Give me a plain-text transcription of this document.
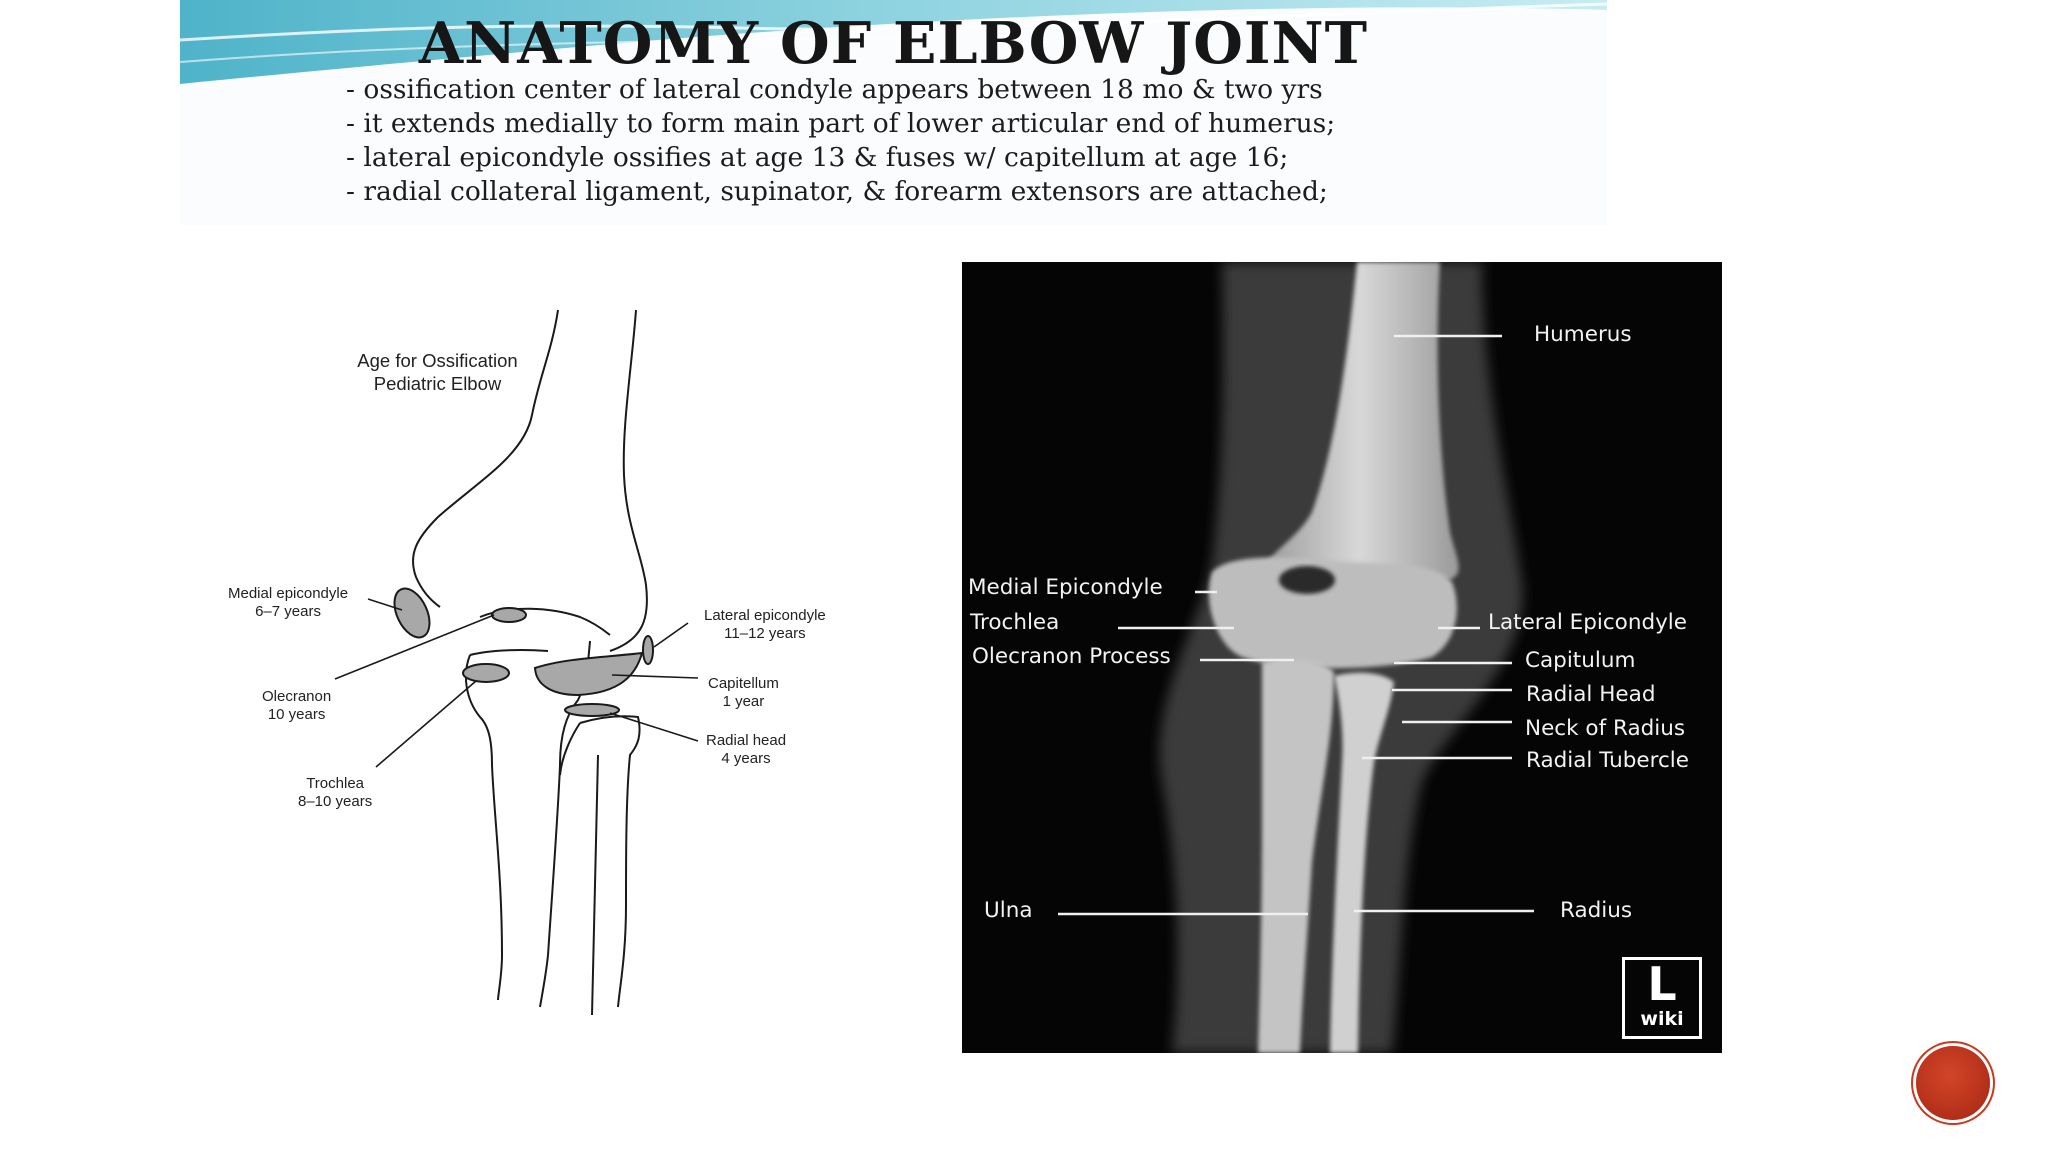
ANATOMY OF ELBOW JOINT
- ossification center of lateral condyle appears between 18 mo & two yrs
- it extends medially to form main part of lower articular end of humerus;
- lateral epicondyle ossifies at age 13 & fuses w/ capitellum at age 16;
- radial collateral ligament, supinator, & forearm extensors are attached;
Age for Ossification
Pediatric Elbow
Medial epicondyle
6–7 years
Olecranon
10 years
Trochlea
8–10 years
Lateral epicondyle
11–12 years
Capitellum
1 year
Radial head
4 years
Humerus
Medial Epicondyle
Trochlea
Olecranon Process
Lateral Epicondyle
Capitulum
Radial Head
Neck of Radius
Radial Tubercle
Ulna	Radius
L
wiki
